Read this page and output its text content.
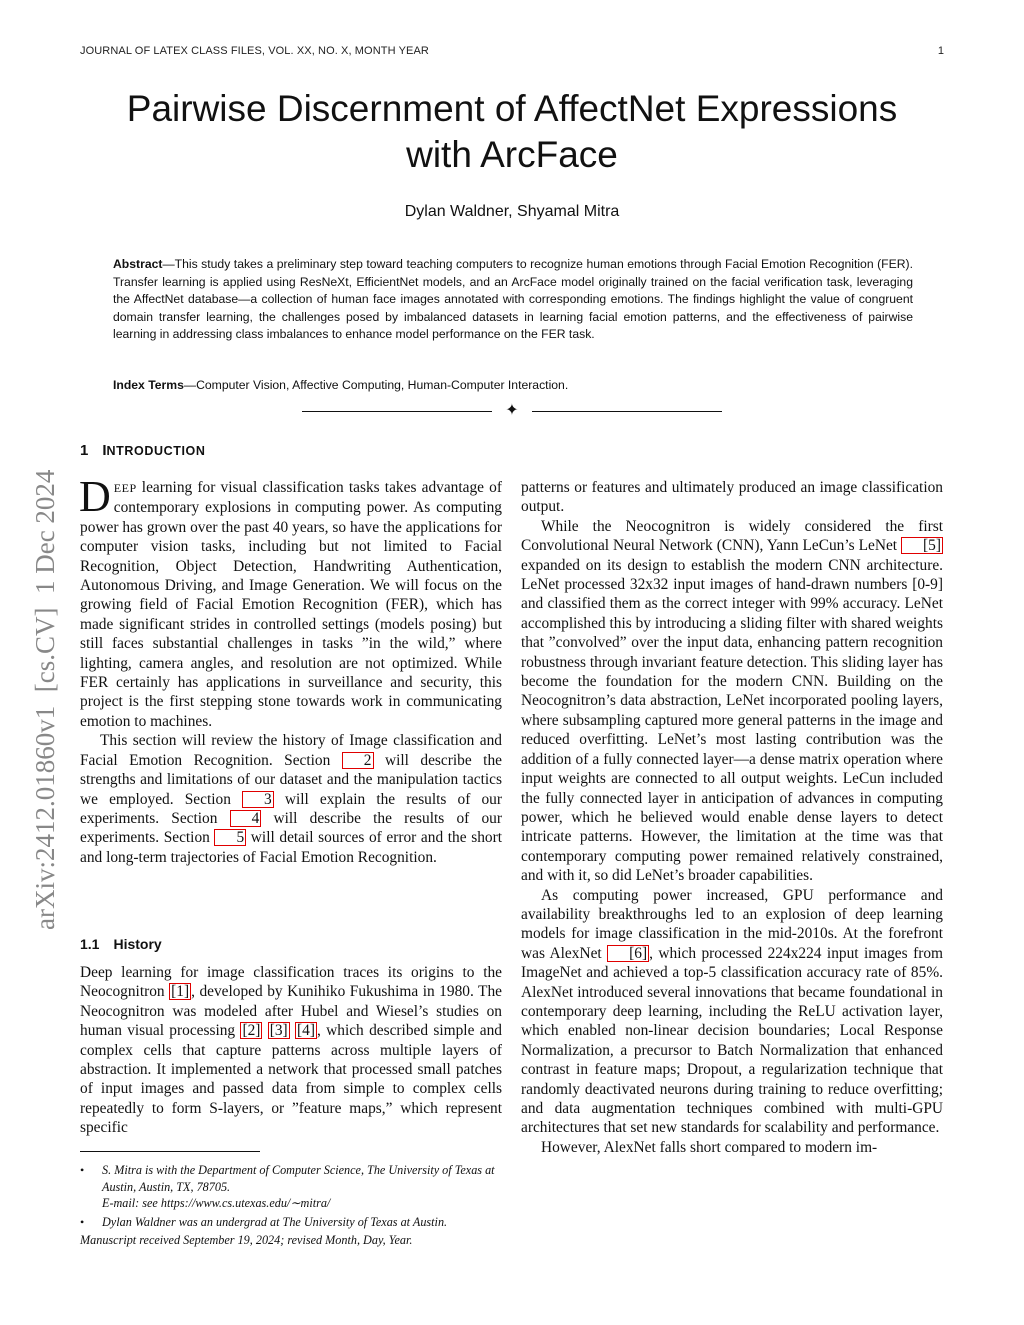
JOURNAL OF LATEX CLASS FILES, VOL. XX, NO. X, MONTH YEAR	1
arXiv:2412.01860v1  [cs.CV]  1 Dec 2024
Pairwise Discernment of AffectNet Expressions
with ArcFace
Dylan Waldner, Shyamal Mitra
Abstract—This study takes a preliminary step toward teaching computers to recognize human emotions through Facial Emotion Recognition (FER). Transfer learning is applied using ResNeXt, EfficientNet models, and an ArcFace model originally trained on the facial verification task, leveraging the AffectNet database—a collection of human face images annotated with corresponding emotions. The findings highlight the value of congruent domain transfer learning, the challenges posed by imbalanced datasets in learning facial emotion patterns, and the effectiveness of pairwise learning in addressing class imbalances to enhance model performance on the FER task.
Index Terms—Computer Vision, Affective Computing, Human-Computer Interaction.
✦
1 INTRODUCTION

DEEP learning for visual classification tasks takes advantage of contemporary explosions in computing power. As computing power has grown over the past 40 years, so have the applications for computer vision tasks, including but not limited to Facial Recognition, Object Detection, Handwriting Authentication, Autonomous Driving, and Image Generation. We will focus on the growing field of Facial Emotion Recognition (FER), which has made significant strides in controlled settings (models posing) but still faces substantial challenges in tasks ”in the wild,” where lighting, camera angles, and resolution are not optimized. While FER certainly has applications in surveillance and security, this project is the first stepping stone towards work in communicating emotion to machines.

This section will review the history of Image classification and Facial Emotion Recognition. Section 2 will describe the strengths and limitations of our dataset and the manipulation tactics we employed. Section 3 will explain the results of our experiments. Section 4 will describe the results of our experiments. Section 5 will detail sources of error and the short and long-term trajectories of Facial Emotion Recognition.

1.1 History

Deep learning for image classification traces its origins to the Neocognitron [1] , developed by Kunihiko Fukushima in 1980. The Neocognitron was modeled after Hubel and Wiesel’s studies on human visual processing [2] [3] [4] , which described simple and complex cells that capture patterns across multiple layers of abstraction. It implemented a network that processed small patches of input images and passed data from simple to complex cells repeatedly to form S-layers, or ”feature maps,” which represent specific

patterns or features and ultimately produced an image classification output.

While the Neocognitron is widely considered the first Convolutional Neural Network (CNN), Yann LeCun’s LeNet [5] expanded on its design to establish the modern CNN architecture. LeNet processed 32x32 input images of hand-drawn numbers [0-9] and classified them as the correct integer with 99% accuracy. LeNet accomplished this by introducing a sliding filter with shared weights that ”convolved” over the input data, enhancing pattern recognition robustness through invariant feature detection. This sliding layer has become the foundation for the modern CNN. Building on the Neocognitron’s data abstraction, LeNet incorporated pooling layers, where subsampling captured more general patterns in the image and reduced overfitting. LeNet’s most lasting contribution was the addition of a fully connected layer—a dense matrix operation where input weights are connected to all output weights. LeCun included the fully connected layer in anticipation of advances in computing power, which he believed would enable dense layers to detect intricate patterns. However, the limitation at the time was that contemporary computing power remained relatively constrained, and with it, so did LeNet’s broader capabilities.

As computing power increased, GPU performance and availability breakthroughs led to an explosion of deep learning models for image classification in the mid-2010s. At the forefront was AlexNet [6] , which processed 224x224 input images from ImageNet and achieved a top-5 classification accuracy rate of 85%. AlexNet introduced several innovations that became foundational in contemporary deep learning, including the ReLU activation layer, which enabled non-linear decision boundaries; Local Response Normalization, a precursor to Batch Normalization that enhanced contrast in feature maps; Dropout, a regularization technique that randomly deactivated neurons during training to reduce overfitting; and data augmentation techniques combined with multi-GPU architectures that set new standards for scalability and performance.

However, AlexNet falls short compared to modern im-

• S. Mitra is with the Department of Computer Science, The University of Texas at Austin, Austin, TX, 78705.
E-mail: see https://www.cs.utexas.edu/∼mitra/
• Dylan Waldner was an undergrad at The University of Texas at Austin.
Manuscript received September 19, 2024; revised Month, Day, Year.
